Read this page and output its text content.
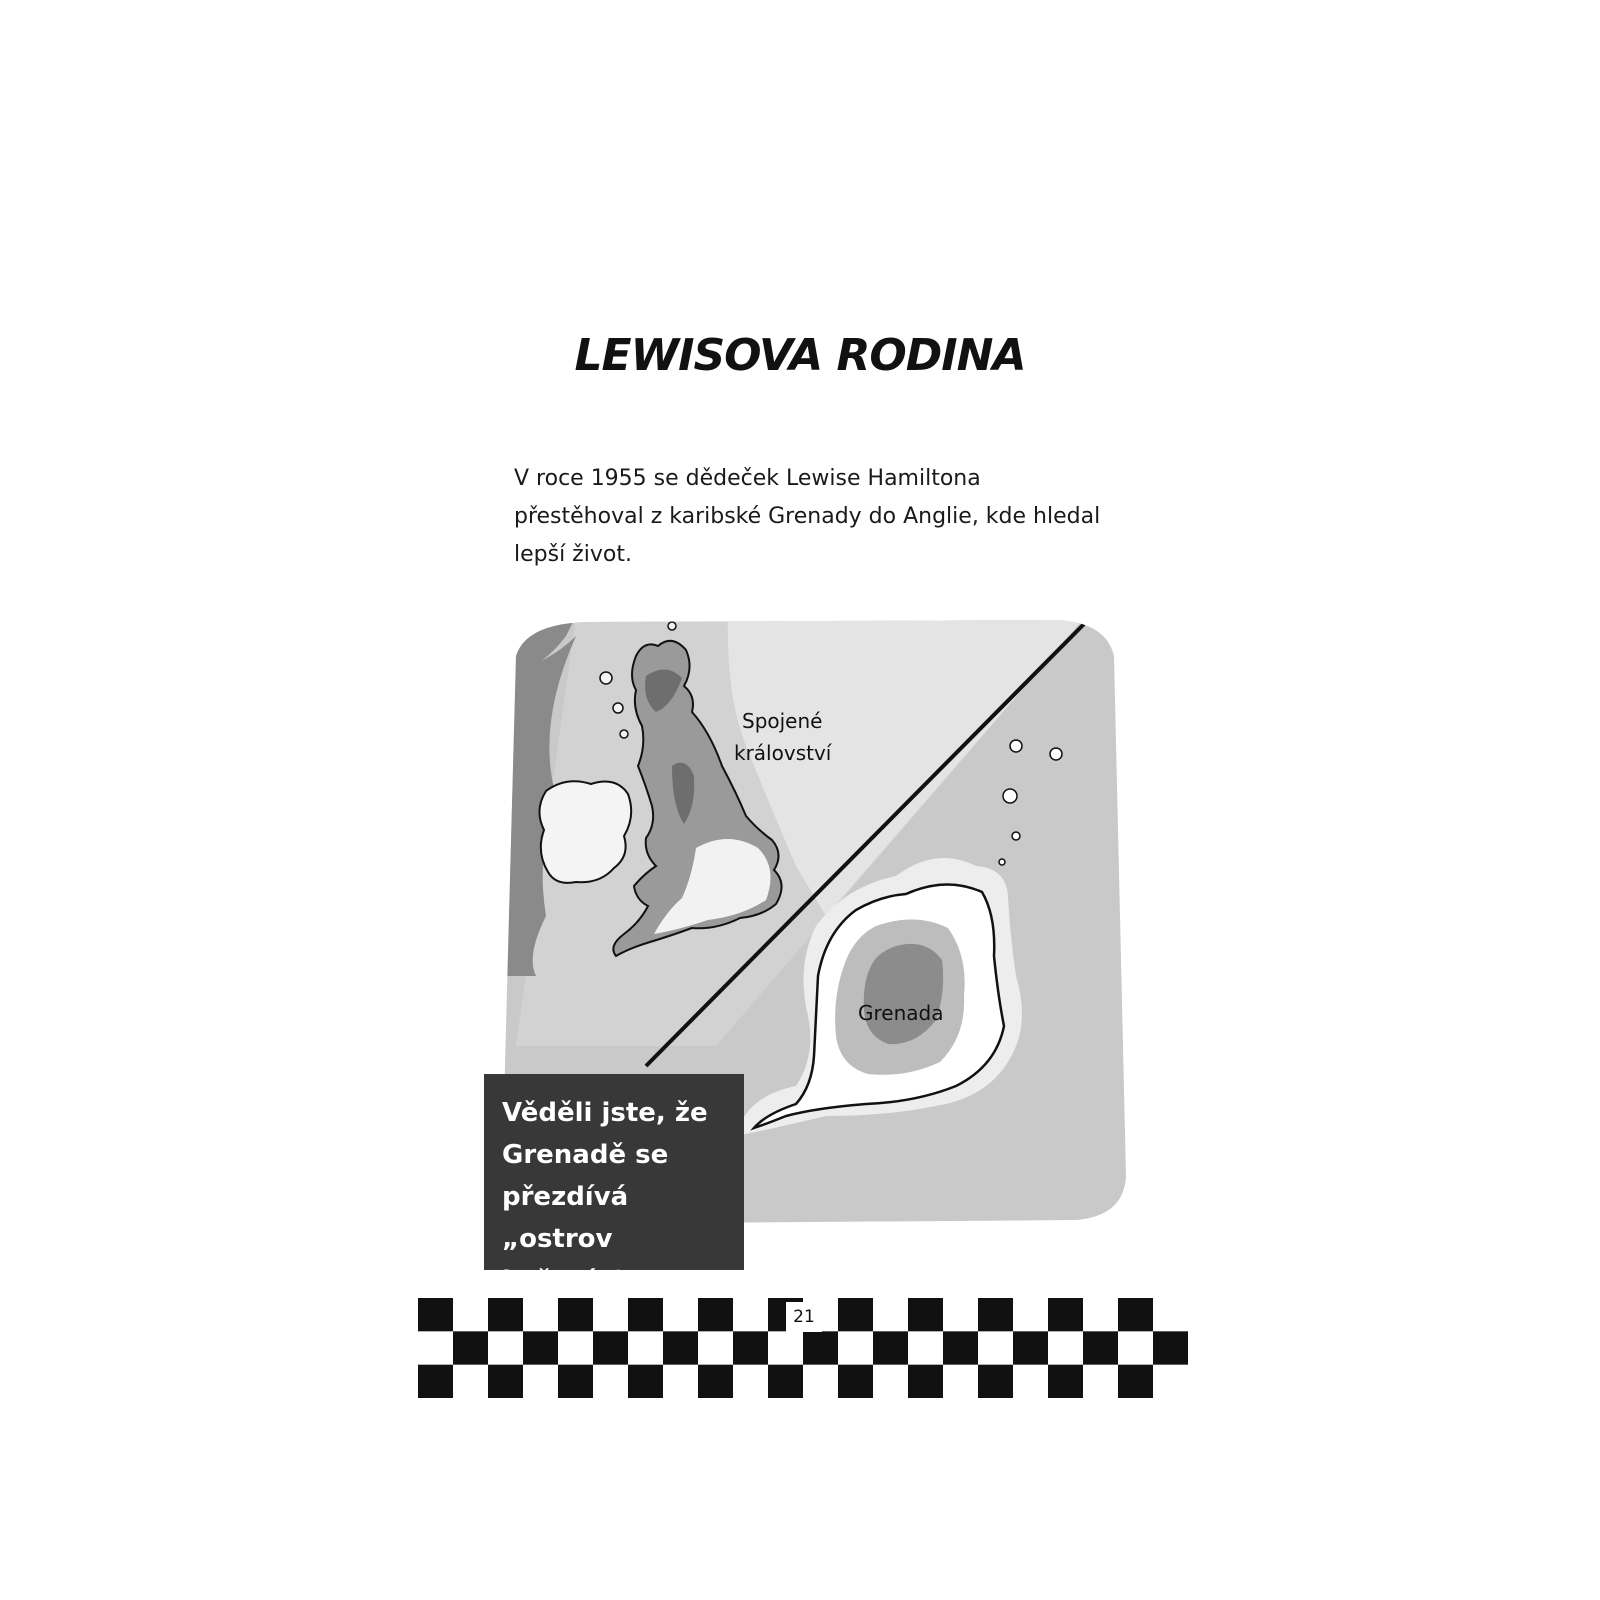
LEWISOVA RODINA

V roce 1955 se dědeček Lewise Hamiltona přestěhoval z karibské Grenady do Anglie, kde hledal lepší život.

Spojené
království
Grenada

Věděli jste, že Grenadě se přezdívá „ostrov koření“?

21
